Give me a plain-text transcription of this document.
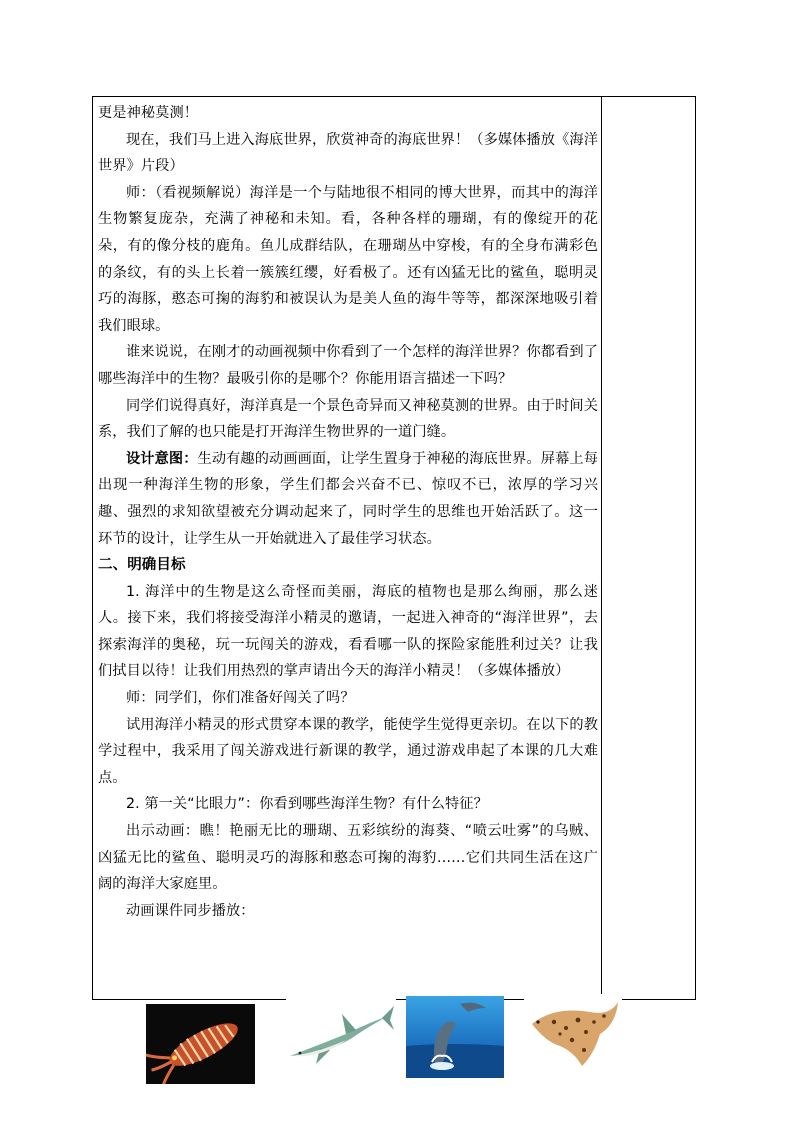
更是神秘莫测！

现在，我们马上进入海底世界，欣赏神奇的海底世界！（多媒体播放《海洋世界》片段）

师：（看视频解说）海洋是一个与陆地很不相同的博大世界，而其中的海洋生物繁复庞杂，充满了神秘和未知。看，各种各样的珊瑚，有的像绽开的花朵，有的像分枝的鹿角。鱼儿成群结队，在珊瑚丛中穿梭，有的全身布满彩色的条纹，有的头上长着一簇簇红缨，好看极了。还有凶猛无比的鲨鱼，聪明灵巧的海豚，憨态可掬的海豹和被误认为是美人鱼的海牛等等，都深深地吸引着我们眼球。

谁来说说，在刚才的动画视频中你看到了一个怎样的海洋世界？你都看到了哪些海洋中的生物？最吸引你的是哪个？你能用语言描述一下吗？

同学们说得真好，海洋真是一个景色奇异而又神秘莫测的世界。由于时间关系，我们了解的也只能是打开海洋生物世界的一道门缝。

设计意图：生动有趣的动画画面，让学生置身于神秘的海底世界。屏幕上每出现一种海洋生物的形象，学生们都会兴奋不已、惊叹不已，浓厚的学习兴趣、强烈的求知欲望被充分调动起来了，同时学生的思维也开始活跃了。这一环节的设计，让学生从一开始就进入了最佳学习状态。

二、明确目标

1. 海洋中的生物是这么奇怪而美丽，海底的植物也是那么绚丽，那么迷人。接下来，我们将接受海洋小精灵的邀请，一起进入神奇的“海洋世界”，去探索海洋的奥秘，玩一玩闯关的游戏，看看哪一队的探险家能胜利过关？让我们拭目以待！让我们用热烈的掌声请出今天的海洋小精灵！（多媒体播放）

师：同学们，你们准备好闯关了吗？

试用海洋小精灵的形式贯穿本课的教学，能使学生觉得更亲切。在以下的教学过程中，我采用了闯关游戏进行新课的教学，通过游戏串起了本课的几大难点。

2. 第一关“比眼力”：你看到哪些海洋生物？有什么特征？

出示动画：瞧！艳丽无比的珊瑚、五彩缤纷的海葵、“喷云吐雾”的乌贼、凶猛无比的鲨鱼、聪明灵巧的海豚和憨态可掬的海豹……它们共同生活在这广阔的海洋大家庭里。

动画课件同步播放：
